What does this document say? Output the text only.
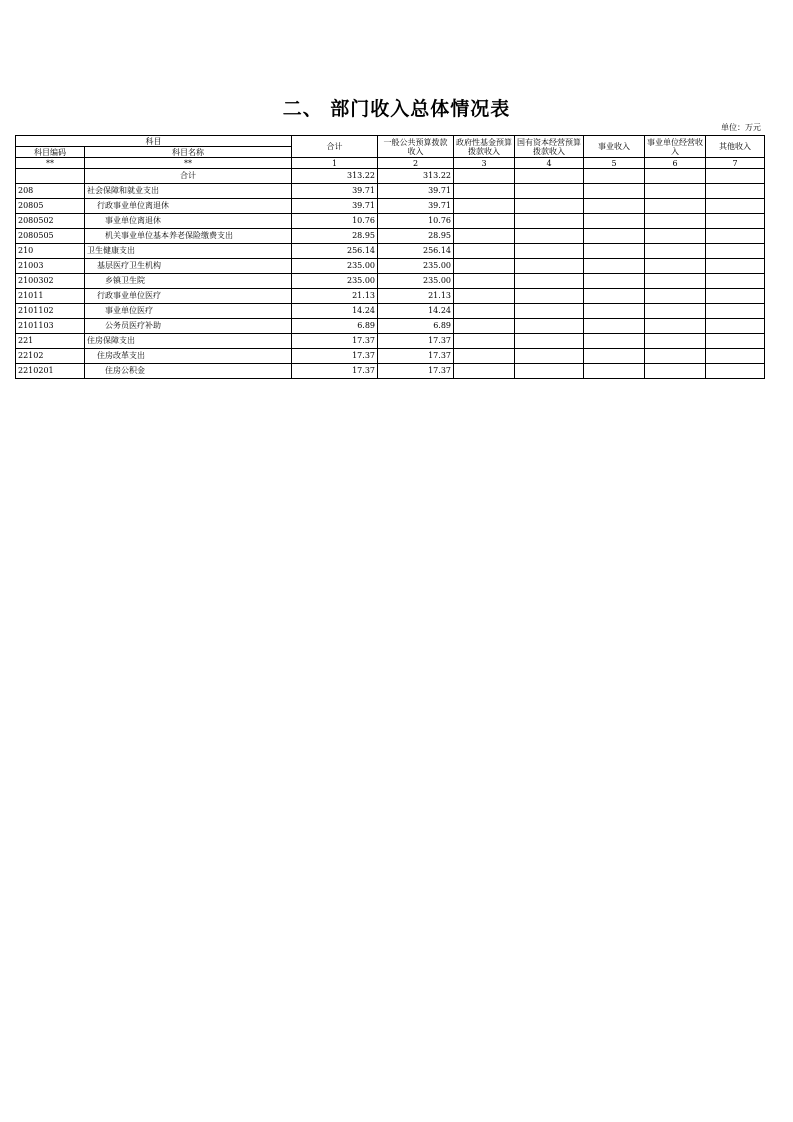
二、 部门收入总体情况表
单位：万元
科目		合计	一般公共预算拨款收入	政府性基金预算拨款收入	国有资本经营预算拨款收入	事业收入	事业单位经营收入	其他收入
科目编码	科目名称							
**	**	1	2	3	4	5	6	7
	合计	313.22	313.22					
208	社会保障和就业支出	39.71	39.71					
20805	行政事业单位离退休	39.71	39.71					
2080502	事业单位离退休	10.76	10.76					
2080505	机关事业单位基本养老保险缴费支出	28.95	28.95					
210	卫生健康支出	256.14	256.14					
21003	基层医疗卫生机构	235.00	235.00					
2100302	乡镇卫生院	235.00	235.00					
21011	行政事业单位医疗	21.13	21.13					
2101102	事业单位医疗	14.24	14.24					
2101103	公务员医疗补助	6.89	6.89					
221	住房保障支出	17.37	17.37					
22102	住房改革支出	17.37	17.37					
2210201	住房公积金	17.37	17.37					
